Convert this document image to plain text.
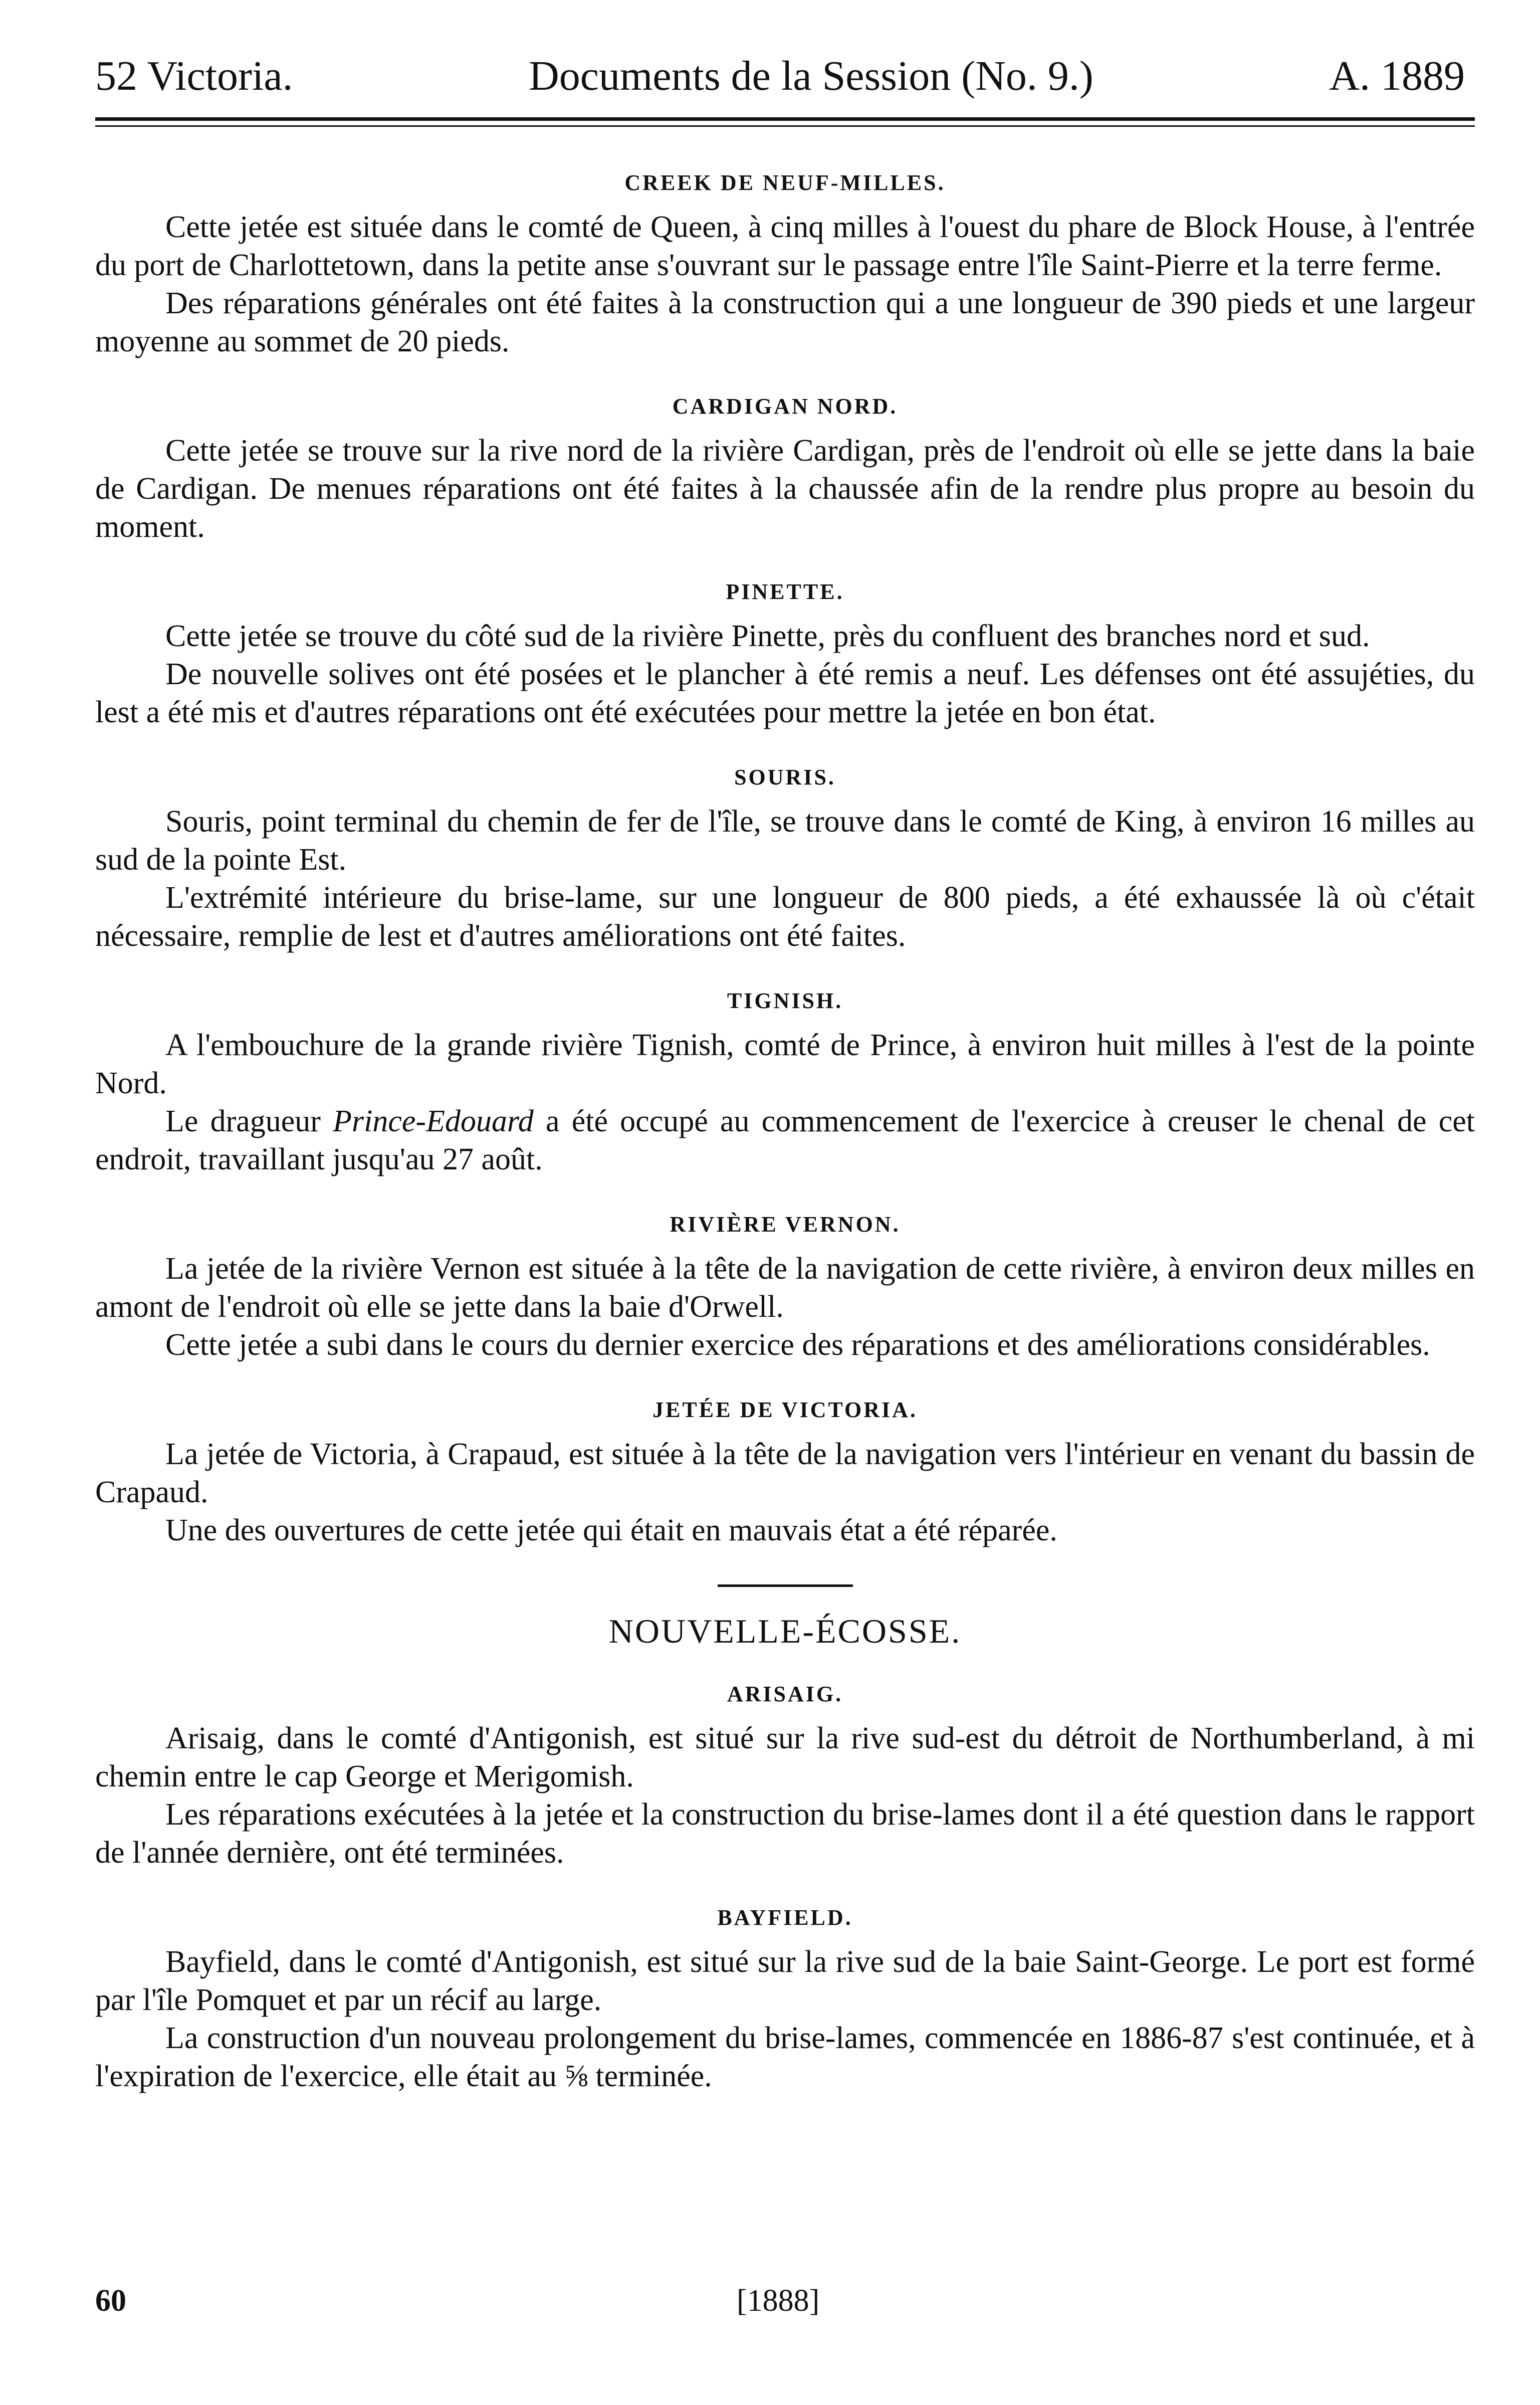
52 Victoria.	Documents de la Session (No. 9.)	A. 1889
CREEK DE NEUF-MILLES.

Cette jetée est située dans le comté de Queen, à cinq milles à l'ouest du phare de Block House, à l'entrée du port de Charlottetown, dans la petite anse s'ouvrant sur le passage entre l'île Saint-Pierre et la terre ferme.

Des réparations générales ont été faites à la construction qui a une longueur de 390 pieds et une largeur moyenne au sommet de 20 pieds.

CARDIGAN NORD.

Cette jetée se trouve sur la rive nord de la rivière Cardigan, près de l'endroit où elle se jette dans la baie de Cardigan. De menues réparations ont été faites à la chaussée afin de la rendre plus propre au besoin du moment.

PINETTE.

Cette jetée se trouve du côté sud de la rivière Pinette, près du confluent des branches nord et sud.

De nouvelle solives ont été posées et le plancher à été remis a neuf. Les défenses ont été assujéties, du lest a été mis et d'autres réparations ont été exécutées pour mettre la jetée en bon état.

SOURIS.

Souris, point terminal du chemin de fer de l'île, se trouve dans le comté de King, à environ 16 milles au sud de la pointe Est.

L'extrémité intérieure du brise-lame, sur une longueur de 800 pieds, a été exhaussée là où c'était nécessaire, remplie de lest et d'autres améliorations ont été faites.

TIGNISH.

A l'embouchure de la grande rivière Tignish, comté de Prince, à environ huit milles à l'est de la pointe Nord.

Le dragueur Prince-Edouard a été occupé au commencement de l'exercice à creuser le chenal de cet endroit, travaillant jusqu'au 27 août.

RIVIÈRE VERNON.

La jetée de la rivière Vernon est située à la tête de la navigation de cette rivière, à environ deux milles en amont de l'endroit où elle se jette dans la baie d'Orwell.

Cette jetée a subi dans le cours du dernier exercice des réparations et des améliorations considérables.

JETÉE DE VICTORIA.

La jetée de Victoria, à Crapaud, est située à la tête de la navigation vers l'intérieur en venant du bassin de Crapaud.

Une des ouvertures de cette jetée qui était en mauvais état a été réparée.

NOUVELLE-ÉCOSSE.
ARISAIG.

Arisaig, dans le comté d'Antigonish, est situé sur la rive sud-est du détroit de Northumberland, à mi chemin entre le cap George et Merigomish.

Les réparations exécutées à la jetée et la construction du brise-lames dont il a été question dans le rapport de l'année dernière, ont été terminées.

BAYFIELD.

Bayfield, dans le comté d'Antigonish, est situé sur la rive sud de la baie Saint-George. Le port est formé par l'île Pomquet et par un récif au large.

La construction d'un nouveau prolongement du brise-lames, commencée en 1886-87 s'est continuée, et à l'expiration de l'exercice, elle était au ⅝ terminée.

60	[1888]
